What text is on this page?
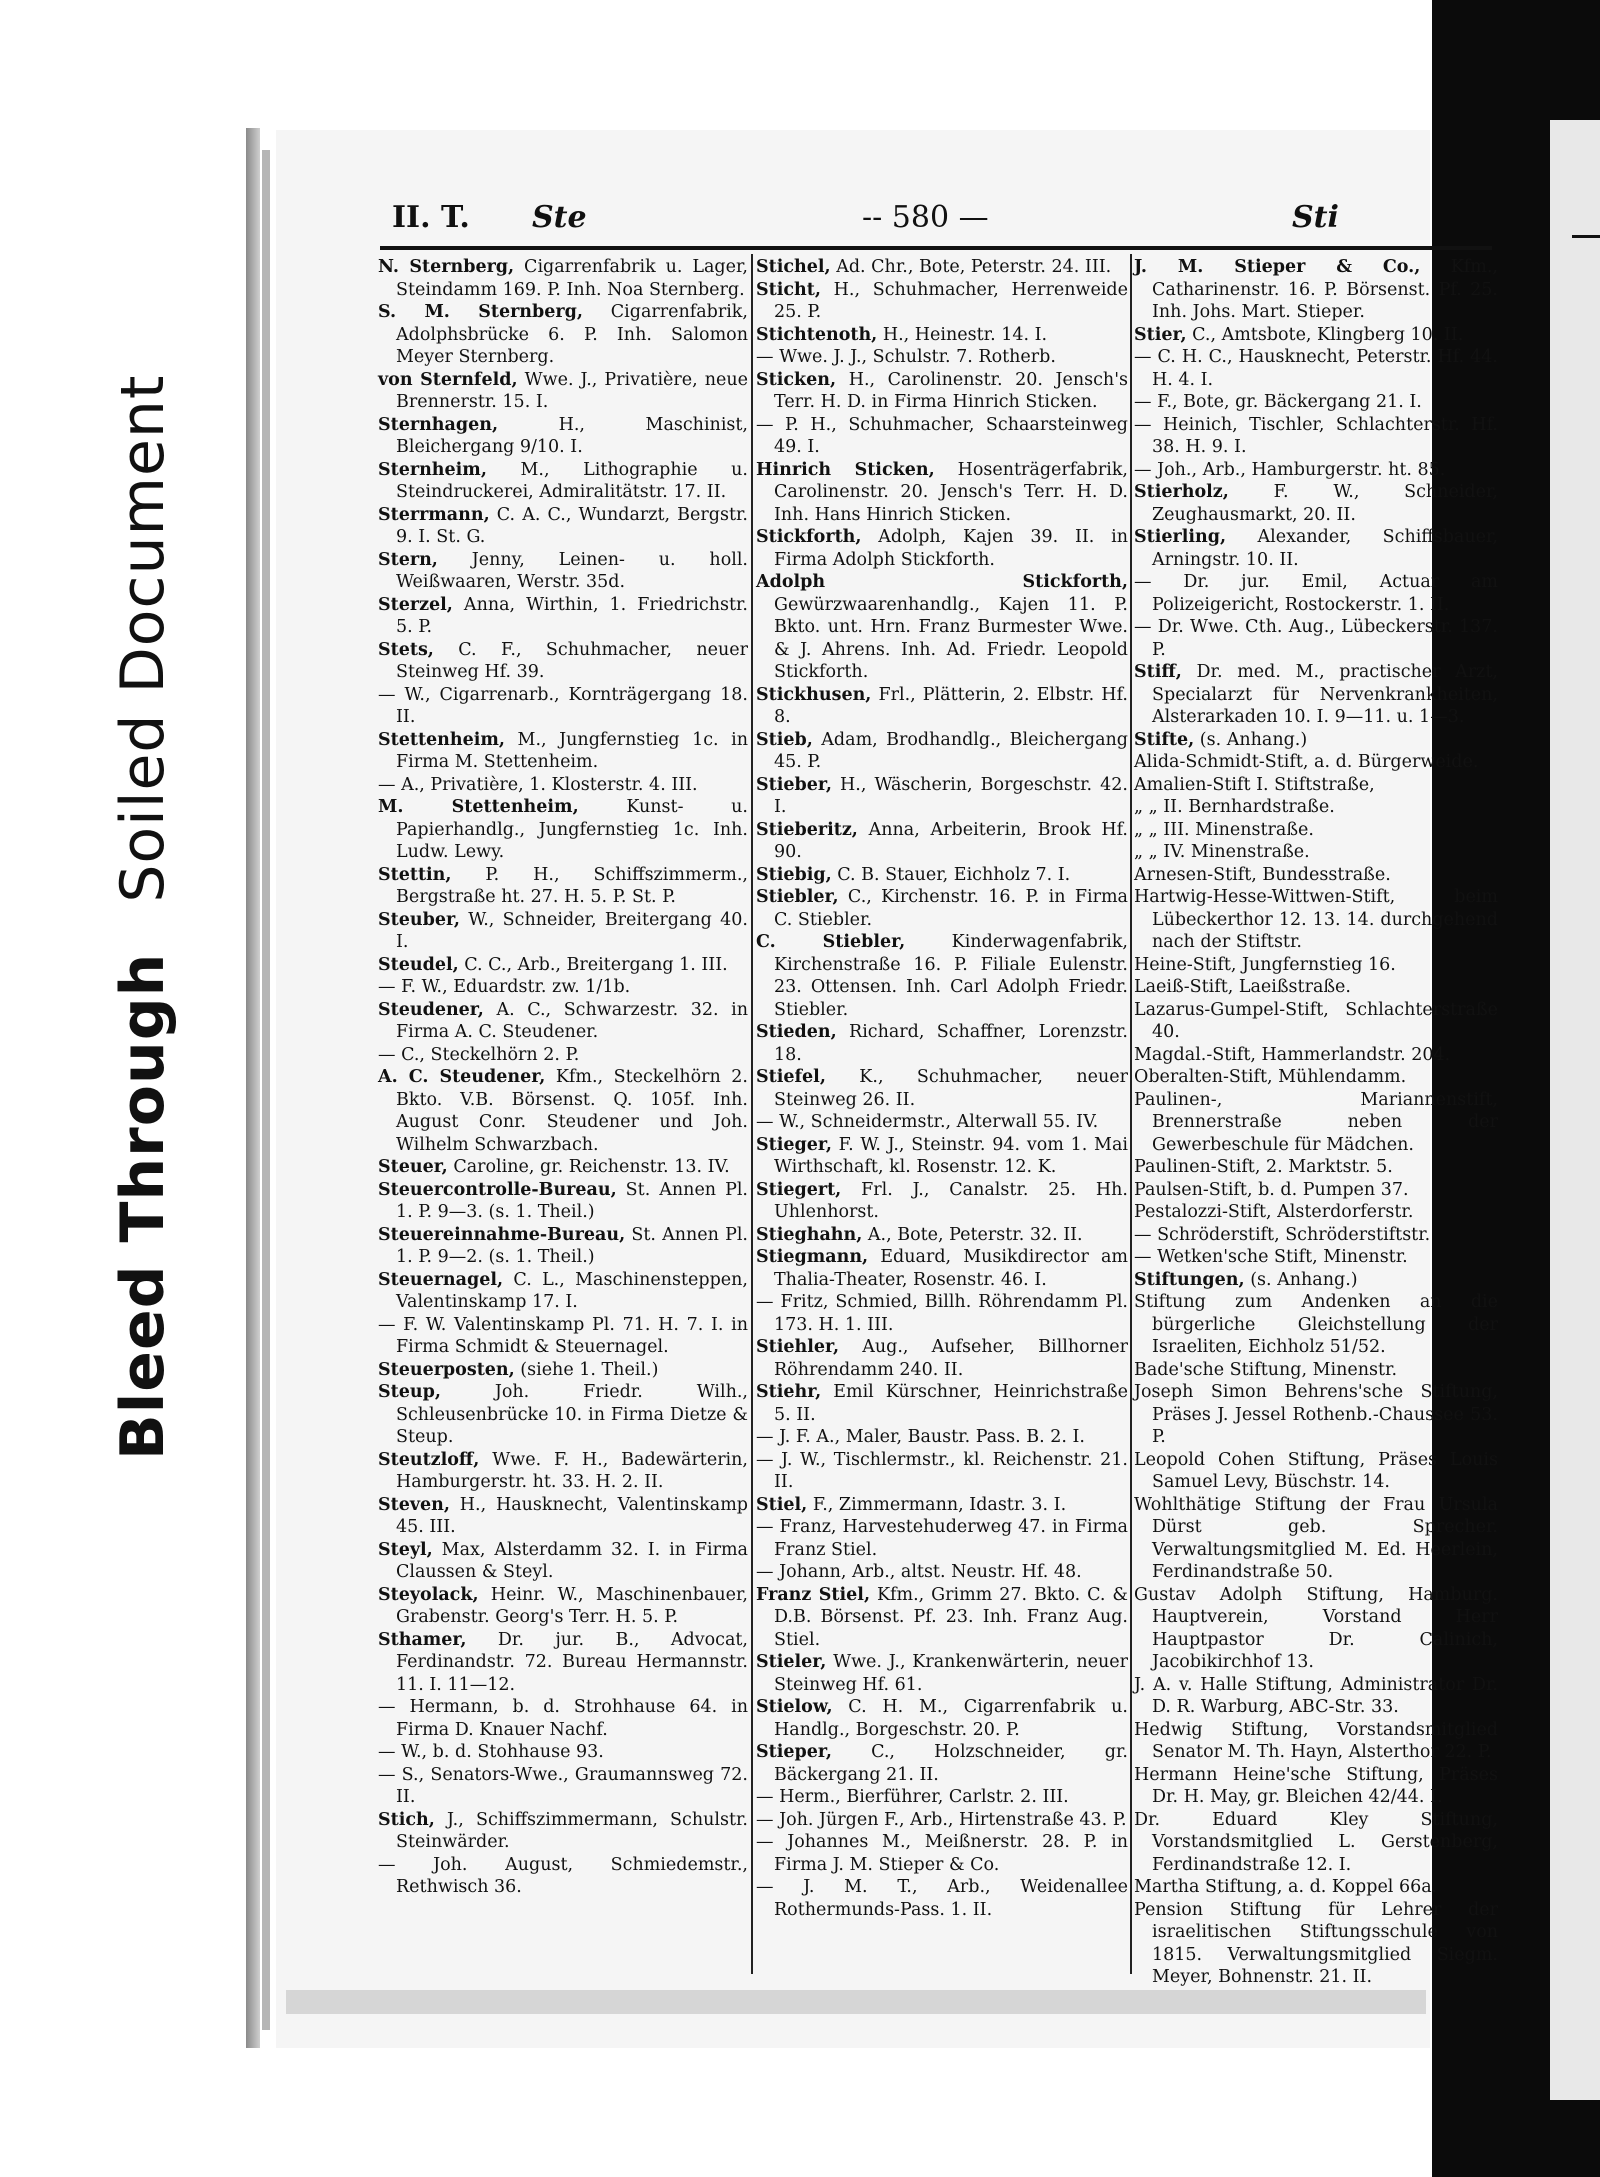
Bleed ThroughSoiled Document
II. T. Ste	-- 580 —	Sti
N. Sternberg, Cigarrenfabrik u. Lager, Steindamm 169. P. Inh. Noa Sternberg.
S. M. Sternberg, Cigarrenfabrik, Adolphsbrücke 6. P. Inh. Salomon Meyer Sternberg.
von Sternfeld, Wwe. J., Privatière, neue Brennerstr. 15. I.
Sternhagen, H., Maschinist, Bleichergang 9/10. I.
Sternheim, M., Lithographie u. Steindruckerei, Admiralitätstr. 17. II.
Sterrmann, C. A. C., Wundarzt, Bergstr. 9. I. St. G.
Stern, Jenny, Leinen- u. holl. Weißwaaren, Werstr. 35d.
Sterzel, Anna, Wirthin, 1. Friedrichstr. 5. P.
Stets, C. F., Schuhmacher, neuer Steinweg Hf. 39.
— W., Cigarrenarb., Kornträgergang 18. II.
Stettenheim, M., Jungfernstieg 1c. in Firma M. Stettenheim.
— A., Privatière, 1. Klosterstr. 4. III.
M. Stettenheim, Kunst- u. Papierhandlg., Jungfernstieg 1c. Inh. Ludw. Lewy.
Stettin, P. H., Schiffszimmerm., Bergstraße ht. 27. H. 5. P. St. P.
Steuber, W., Schneider, Breitergang 40. I.
Steudel, C. C., Arb., Breitergang 1. III.
— F. W., Eduardstr. zw. 1/1b.
Steudener, A. C., Schwarzestr. 32. in Firma A. C. Steudener.
— C., Steckelhörn 2. P.
A. C. Steudener, Kfm., Steckelhörn 2. Bkto. V.B. Börsenst. Q. 105f. Inh. August Conr. Steudener und Joh. Wilhelm Schwarzbach.
Steuer, Caroline, gr. Reichenstr. 13. IV.
Steuercontrolle-Bureau, St. Annen Pl. 1. P. 9—3. (s. 1. Theil.)
Steuereinnahme-Bureau, St. Annen Pl. 1. P. 9—2. (s. 1. Theil.)
Steuernagel, C. L., Maschinensteppen, Valentinskamp 17. I.
— F. W. Valentinskamp Pl. 71. H. 7. I. in Firma Schmidt & Steuernagel.
Steuerposten, (siehe 1. Theil.)
Steup, Joh. Friedr. Wilh., Schleusenbrücke 10. in Firma Dietze & Steup.
Steutzloff, Wwe. F. H., Badewärterin, Hamburgerstr. ht. 33. H. 2. II.
Steven, H., Hausknecht, Valentinskamp 45. III.
Steyl, Max, Alsterdamm 32. I. in Firma Claussen & Steyl.
Steyolack, Heinr. W., Maschinenbauer, Grabenstr. Georg's Terr. H. 5. P.
Sthamer, Dr. jur. B., Advocat, Ferdinandstr. 72. Bureau Hermannstr. 11. I. 11—12.
— Hermann, b. d. Strohhause 64. in Firma D. Knauer Nachf.
— W., b. d. Stohhause 93.
— S., Senators-Wwe., Graumannsweg 72. II.
Stich, J., Schiffszimmermann, Schulstr. Steinwärder.
— Joh. August, Schmiedemstr., Rethwisch 36.
Stichel, Ad. Chr., Bote, Peterstr. 24. III.
Sticht, H., Schuhmacher, Herrenweide 25. P.
Stichtenoth, H., Heinestr. 14. I.
— Wwe. J. J., Schulstr. 7. Rotherb.
Sticken, H., Carolinenstr. 20. Jensch's Terr. H. D. in Firma Hinrich Sticken.
— P. H., Schuhmacher, Schaarsteinweg 49. I.
Hinrich Sticken, Hosenträgerfabrik, Carolinenstr. 20. Jensch's Terr. H. D. Inh. Hans Hinrich Sticken.
Stickforth, Adolph, Kajen 39. II. in Firma Adolph Stickforth.
Adolph Stickforth, Gewürzwaarenhandlg., Kajen 11. P. Bkto. unt. Hrn. Franz Burmester Wwe. & J. Ahrens. Inh. Ad. Friedr. Leopold Stickforth.
Stickhusen, Frl., Plätterin, 2. Elbstr. Hf. 8.
Stieb, Adam, Brodhandlg., Bleichergang 45. P.
Stieber, H., Wäscherin, Borgeschstr. 42. I.
Stieberitz, Anna, Arbeiterin, Brook Hf. 90.
Stiebig, C. B. Stauer, Eichholz 7. I.
Stiebler, C., Kirchenstr. 16. P. in Firma C. Stiebler.
C. Stiebler, Kinderwagenfabrik, Kirchenstraße 16. P. Filiale Eulenstr. 23. Ottensen. Inh. Carl Adolph Friedr. Stiebler.
Stieden, Richard, Schaffner, Lorenzstr. 18.
Stiefel, K., Schuhmacher, neuer Steinweg 26. II.
— W., Schneidermstr., Alterwall 55. IV.
Stieger, F. W. J., Steinstr. 94. vom 1. Mai Wirthschaft, kl. Rosenstr. 12. K.
Stiegert, Frl. J., Canalstr. 25. Hh. Uhlenhorst.
Stieghahn, A., Bote, Peterstr. 32. II.
Stiegmann, Eduard, Musikdirector am Thalia-Theater, Rosenstr. 46. I.
— Fritz, Schmied, Billh. Röhrendamm Pl. 173. H. 1. III.
Stiehler, Aug., Aufseher, Billhorner Röhrendamm 240. II.
Stiehr, Emil Kürschner, Heinrichstraße 5. II.
— J. F. A., Maler, Baustr. Pass. B. 2. I.
— J. W., Tischlermstr., kl. Reichenstr. 21. II.
Stiel, F., Zimmermann, Idastr. 3. I.
— Franz, Harvestehuderweg 47. in Firma Franz Stiel.
— Johann, Arb., altst. Neustr. Hf. 48.
Franz Stiel, Kfm., Grimm 27. Bkto. C. & D.B. Börsenst. Pf. 23. Inh. Franz Aug. Stiel.
Stieler, Wwe. J., Krankenwärterin, neuer Steinweg Hf. 61.
Stielow, C. H. M., Cigarrenfabrik u. Handlg., Borgeschstr. 20. P.
Stieper, C., Holzschneider, gr. Bäckergang 21. II.
— Herm., Bierführer, Carlstr. 2. III.
— Joh. Jürgen F., Arb., Hirtenstraße 43. P.
— Johannes M., Meißnerstr. 28. P. in Firma J. M. Stieper & Co.
— J. M. T., Arb., Weidenallee Rothermunds-Pass. 1. II.
J. M. Stieper & Co., Kfm., Catharinenstr. 16. P. Börsenst. Pf. 25. Inh. Johs. Mart. Stieper.
Stier, C., Amtsbote, Klingberg 10. II.
— C. H. C., Hausknecht, Peterstr. Hf. 44. H. 4. I.
— F., Bote, gr. Bäckergang 21. I.
— Heinich, Tischler, Schlachterstr. Hf. 38. H. 9. I.
— Joh., Arb., Hamburgerstr. ht. 85.
Stierholz, F. W., Schneider, Zeughausmarkt, 20. II.
Stierling, Alexander, Schiffsbauer, Arningstr. 10. II.
— Dr. jur. Emil, Actuar am Polizeigericht, Rostockerstr. 1. II.
— Dr. Wwe. Cth. Aug., Lübeckerstr. 137. P.
Stiff, Dr. med. M., practischer Arzt, Specialarzt für Nervenkrankheiten, Alsterarkaden 10. I. 9—11. u. 1—3.
Stifte, (s. Anhang.)
Alida-Schmidt-Stift, a. d. Bürgerweide.
Amalien-Stift I. Stiftstraße,
„ „ II. Bernhardstraße.
„ „ III. Minenstraße.
„ „ IV. Minenstraße.
Arnesen-Stift, Bundesstraße.
Hartwig-Hesse-Wittwen-Stift, beim Lübeckerthor 12. 13. 14. durchgehend nach der Stiftstr.
Heine-Stift, Jungfernstieg 16.
Laeiß-Stift, Laeißstraße.
Lazarus-Gumpel-Stift, Schlachterstraße 40.
Magdal.-Stift, Hammerlandstr. 204.
Oberalten-Stift, Mühlendamm.
Paulinen-, Mariannenstift, Brennerstraße neben der Gewerbeschule für Mädchen.
Paulinen-Stift, 2. Marktstr. 5.
Paulsen-Stift, b. d. Pumpen 37.
Pestalozzi-Stift, Alsterdorferstr.
— Schröderstift, Schröderstiftstr.
— Wetken'sche Stift, Minenstr.
Stiftungen, (s. Anhang.)
Stiftung zum Andenken an die bürgerliche Gleichstellung der Israeliten, Eichholz 51/52.
Bade'sche Stiftung, Minenstr.
Joseph Simon Behrens'sche Stiftung, Präses J. Jessel Rothenb.-Chaussee 53. P.
Leopold Cohen Stiftung, Präses Louis Samuel Levy, Büschstr. 14.
Wohlthätige Stiftung der Frau Ursula Dürst geb. Sprecher. Verwaltungsmitglied M. Ed. Heerlein, Ferdinandstraße 50.
Gustav Adolph Stiftung, Hamburg. Hauptverein, Vorstand Herr Hauptpastor Dr. Calinich, Jacobikirchhof 13.
J. A. v. Halle Stiftung, Administrator Dr. D. R. Warburg, ABC-Str. 33.
Hedwig Stiftung, Vorstandsmitglied Senator M. Th. Hayn, Alsterthor 22. P.
Hermann Heine'sche Stiftung, Präses Dr. H. May, gr. Bleichen 42/44. I.
Dr. Eduard Kley Stiftung, Vorstandsmitglied L. Gerstenberg, Ferdinandstraße 12. I.
Martha Stiftung, a. d. Koppel 66a.
Pension Stiftung für Lehrer der israelitischen Stiftungsschule von 1815. Verwaltungsmitglied Siegm. Meyer, Bohnenstr. 21. II.
